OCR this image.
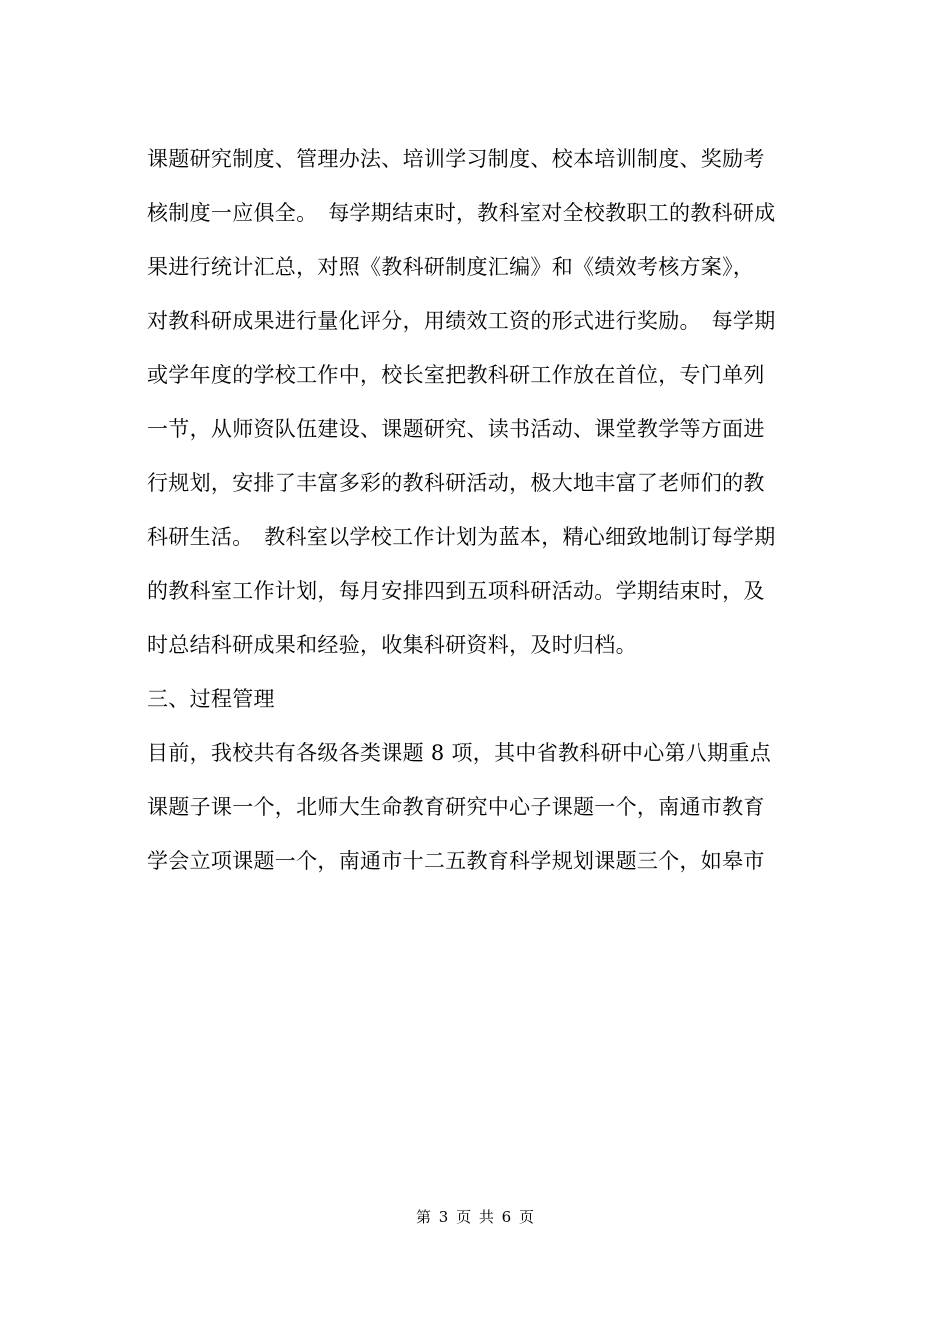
课题研究制度、管理办法、培训学习制度、校本培训制度、奖励考
核制度一应俱全。　每学期结束时，教科室对全校教职工的教科研成
果进行统计汇总，对照《教科研制度汇编》和《绩效考核方案》，
对教科研成果进行量化评分，用绩效工资的形式进行奖励。　每学期
或学年度的学校工作中，校长室把教科研工作放在首位，专门单列
一节，从师资队伍建设、课题研究、读书活动、课堂教学等方面进
行规划，安排了丰富多彩的教科研活动，极大地丰富了老师们的教
科研生活。　教科室以学校工作计划为蓝本，精心细致地制订每学期
的教科室工作计划，每月安排四到五项科研活动。学期结束时，及
时总结科研成果和经验，收集科研资料，及时归档。
三、过程管理
目前，我校共有各级各类课题 8 项，其中省教科研中心第八期重点
课题子课一个，北师大生命教育研究中心子课题一个，南通市教育
学会立项课题一个，南通市十二五教育科学规划课题三个，如皋市
第 3 页 共 6 页
